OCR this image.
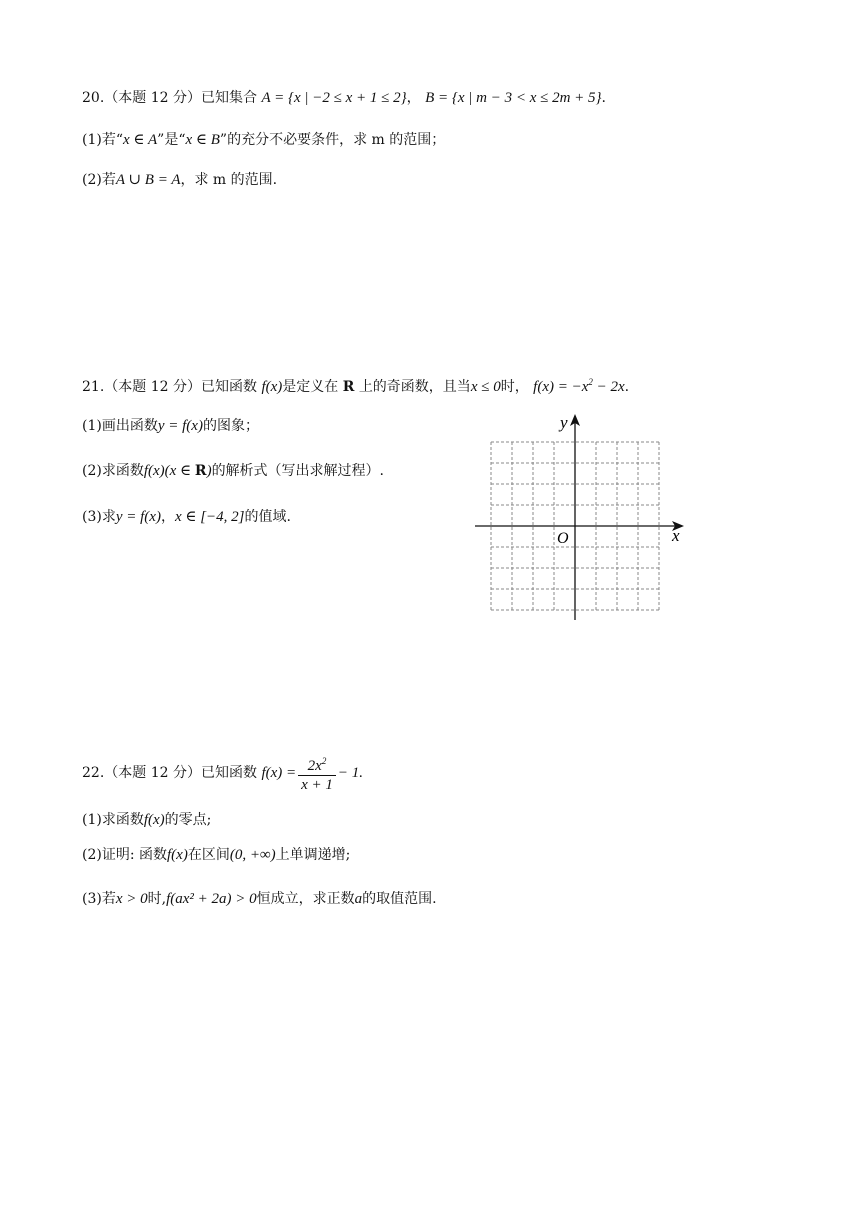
20.（本题 12 分）已知集合 A = {x | −2 ≤ x + 1 ≤ 2}， B = {x | m − 3 < x ≤ 2m + 5}.
(1)若“x ∈ A”是“x ∈ B”的充分不必要条件，求 m 的范围；
(2)若A ∪ B = A，求 m 的范围.
21.（本题 12 分）已知函数 f(x)是定义在 R 上的奇函数，且当x ≤ 0时， $f(x) = -x^2 - 2x$.
(1)画出函数y = f(x)的图象；
(2)求函数f(x)(x ∈ R)的解析式（写出求解过程）.
(3)求y = f(x)，x ∈ [−4, 2]的值域.
y
x
O
22.（本题 12 分）已知函数 $f(x) = \frac{2x^2}{x + 1} - 1$.
(1)求函数f(x)的零点;
(2)证明: 函数f(x)在区间(0, +∞)上单调递增;
(3)若x > 0时,f(ax² + 2a) > 0恒成立，求正数a的取值范围.
